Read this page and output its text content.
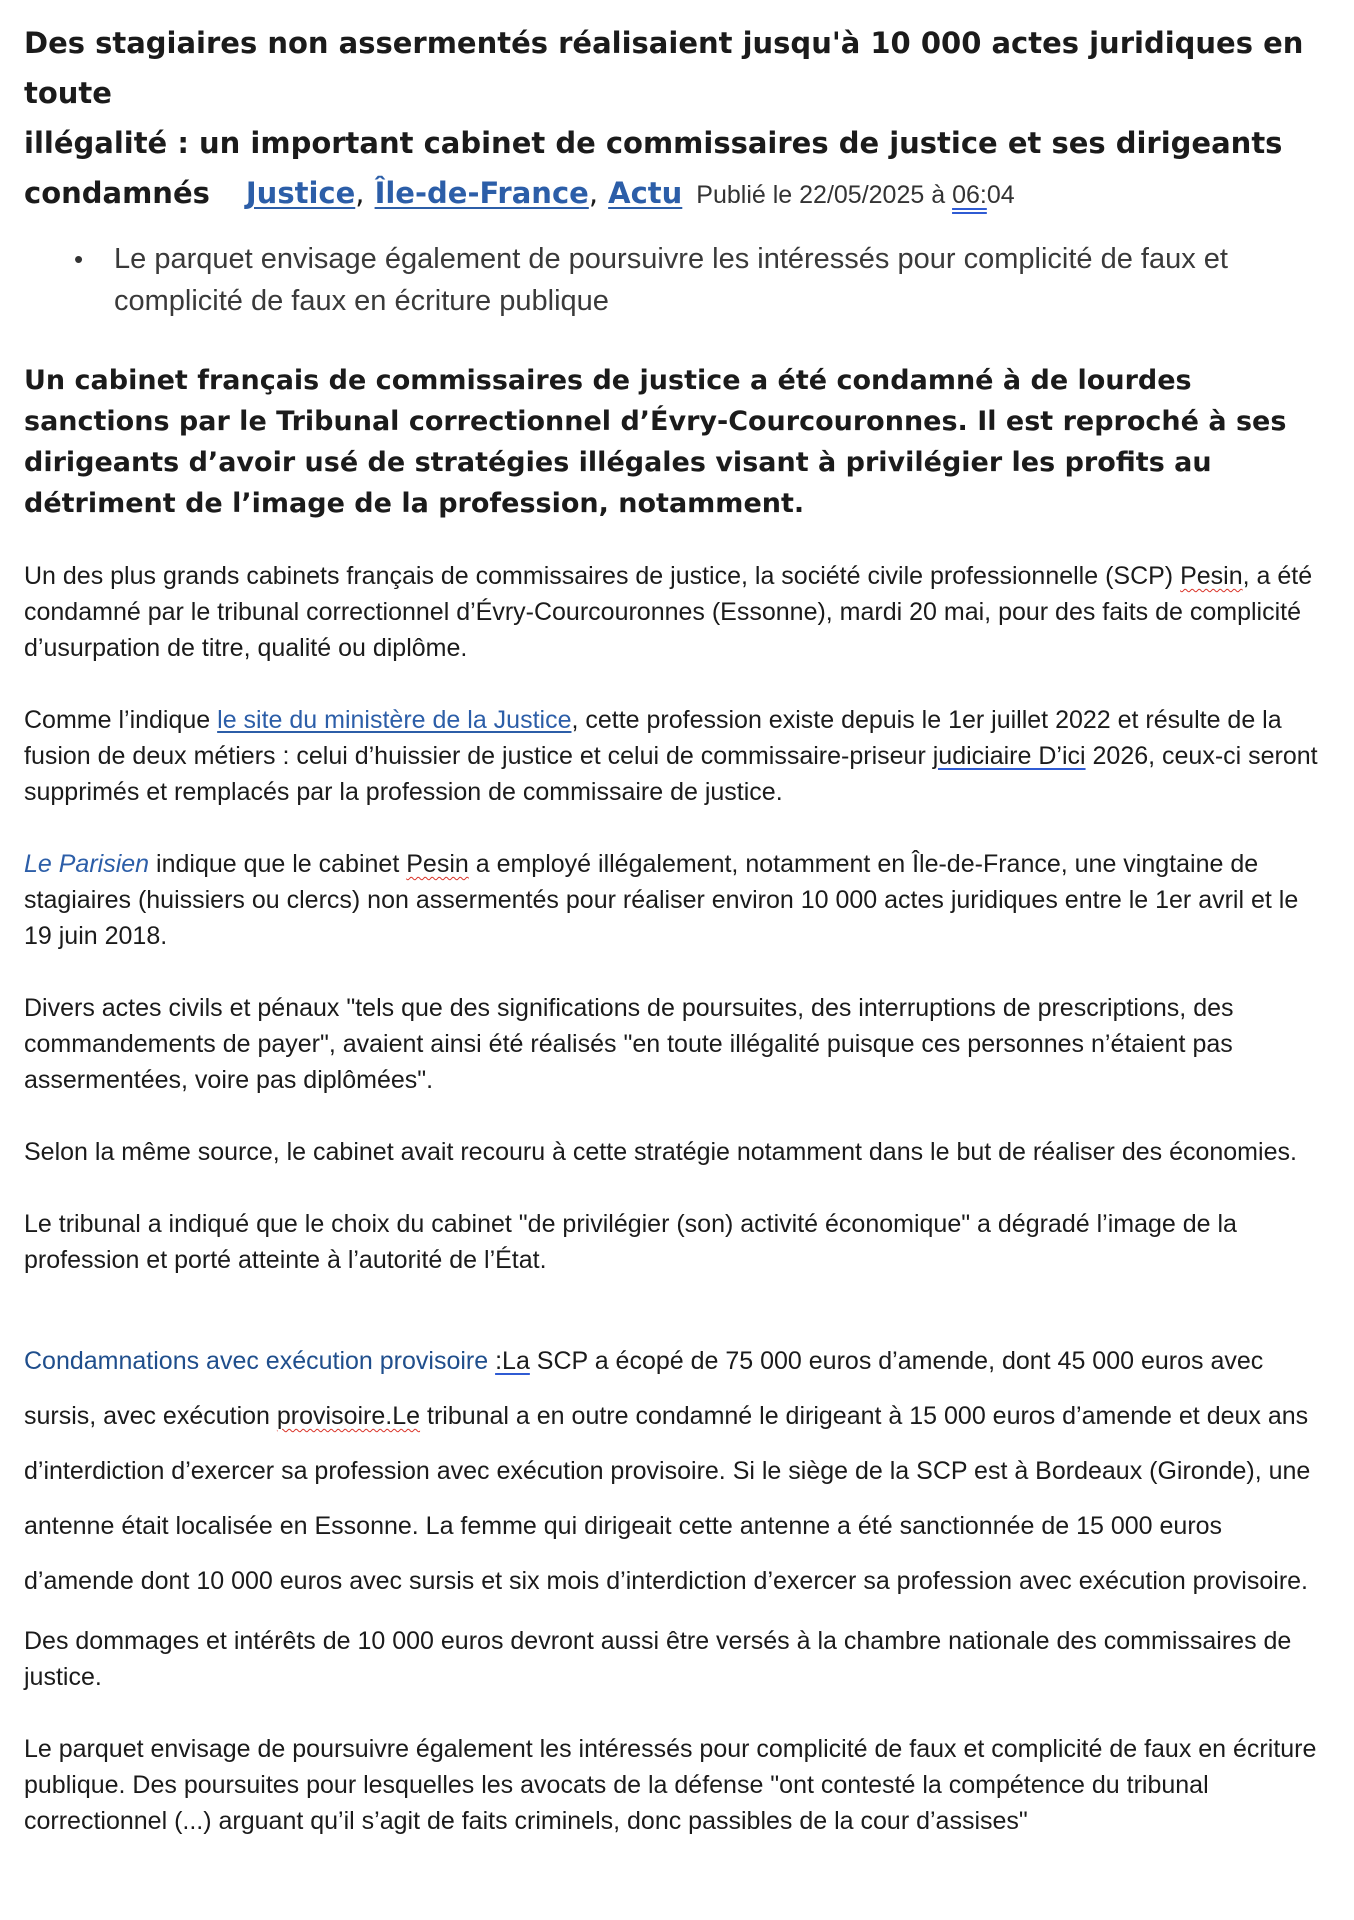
Des stagiaires non assermentés réalisaient jusqu'à 10 000 actes juridiques en toute
illégalité : un important cabinet de commissaires de justice et ses dirigeants
condamnés Justice, Île-de-France, Actu Publié le 22/05/2025 à 06:04
• Le parquet envisage également de poursuivre les intéressés pour complicité de faux et complicité de faux en écriture publique

Un cabinet français de commissaires de justice a été condamné à de lourdes sanctions par le Tribunal correctionnel d’Évry-Courcouronnes. Il est reproché à ses dirigeants d’avoir usé de stratégies illégales visant à privilégier les profits au détriment de l’image de la profession, notamment.

Un des plus grands cabinets français de commissaires de justice, la société civile professionnelle (SCP) Pesin, a été condamné par le tribunal correctionnel d’Évry-Courcouronnes (Essonne), mardi 20 mai, pour des faits de complicité d’usurpation de titre, qualité ou diplôme.

Comme l’indique le site du ministère de la Justice, cette profession existe depuis le 1er juillet 2022 et résulte de la fusion de deux métiers : celui d’huissier de justice et celui de commissaire-priseur judiciaire D’ici 2026, ceux-ci seront supprimés et remplacés par la profession de commissaire de justice.

Le Parisien indique que le cabinet Pesin a employé illégalement, notamment en Île-de-France, une vingtaine de stagiaires (huissiers ou clercs) non assermentés pour réaliser environ 10 000 actes juridiques entre le 1er avril et le 19 juin 2018.

Divers actes civils et pénaux "tels que des significations de poursuites, des interruptions de prescriptions, des commandements de payer", avaient ainsi été réalisés "en toute illégalité puisque ces personnes n’étaient pas assermentées, voire pas diplômées".

Selon la même source, le cabinet avait recouru à cette stratégie notamment dans le but de réaliser des économies.

Le tribunal a indiqué que le choix du cabinet "de privilégier (son) activité économique" a dégradé l’image de la profession et porté atteinte à l’autorité de l’État.

Condamnations avec exécution provisoire :La SCP a écopé de 75 000 euros d’amende, dont 45 000 euros avec sursis, avec exécution provisoire.Le tribunal a en outre condamné le dirigeant à 15 000 euros d’amende et deux ans d’interdiction d’exercer sa profession avec exécution provisoire. Si le siège de la SCP est à Bordeaux (Gironde), une antenne était localisée en Essonne. La femme qui dirigeait cette antenne a été sanctionnée de 15 000 euros d’amende dont 10 000 euros avec sursis et six mois d’interdiction d’exercer sa profession avec exécution provisoire.

Des dommages et intérêts de 10 000 euros devront aussi être versés à la chambre nationale des commissaires de justice.

Le parquet envisage de poursuivre également les intéressés pour complicité de faux et complicité de faux en écriture publique. Des poursuites pour lesquelles les avocats de la défense "ont contesté la compétence du tribunal correctionnel (...) arguant qu’il s’agit de faits criminels, donc passibles de la cour d’assises"
